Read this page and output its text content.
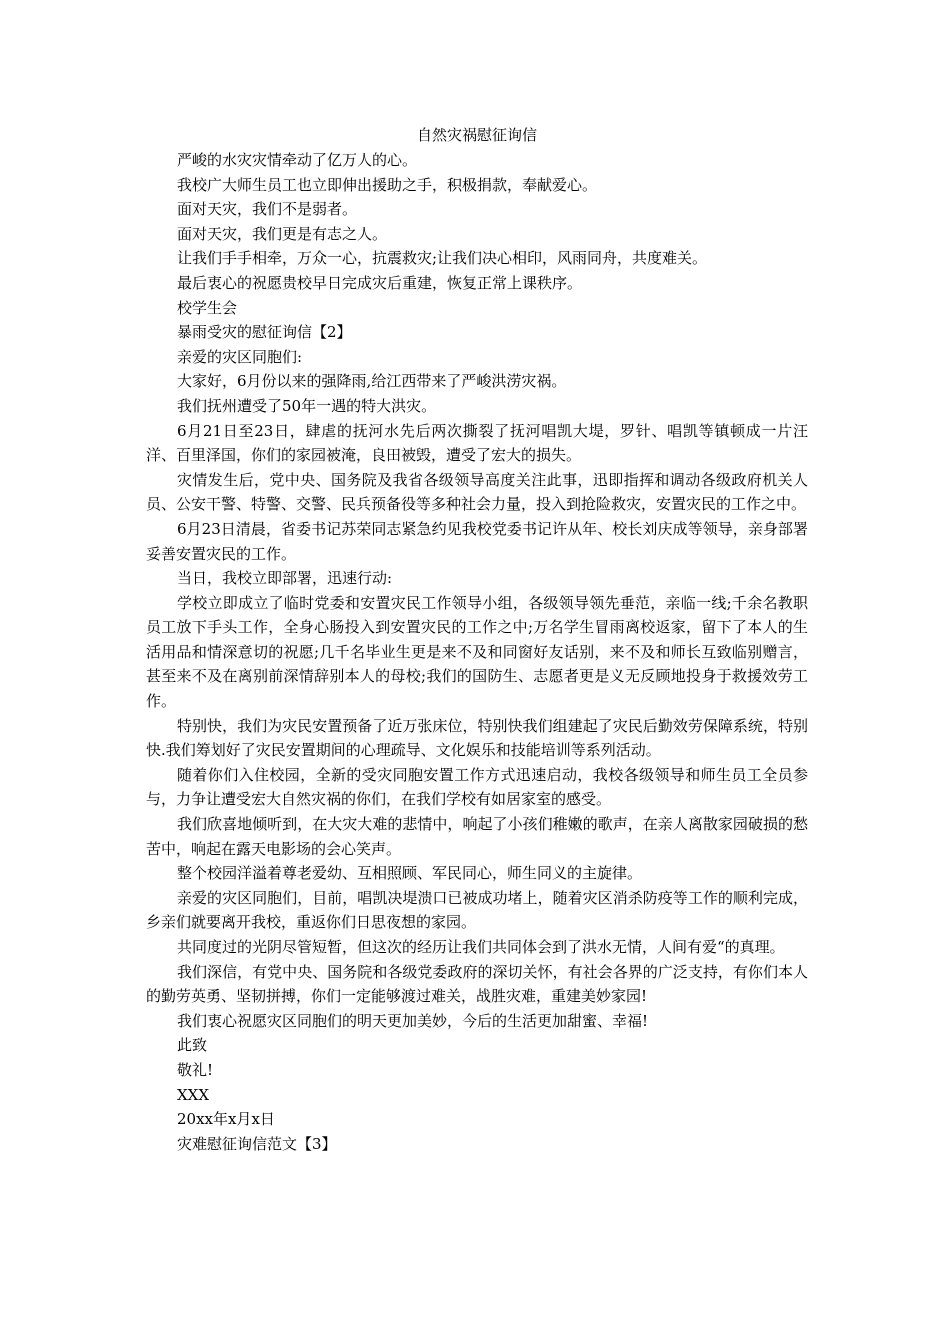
自然灾祸慰征询信

严峻的水灾灾情牵动了亿万人的心。

我校广大师生员工也立即伸出援助之手，积极捐款，奉献爱心。

面对天灾，我们不是弱者。

面对天灾，我们更是有志之人。

让我们手手相牵，万众一心，抗震救灾;让我们决心相印，风雨同舟，共度难关。

最后衷心的祝愿贵校早日完成灾后重建，恢复正常上课秩序。

校学生会

暴雨受灾的慰征询信【2】

亲爱的灾区同胞们:

大家好，6月份以来的强降雨,给江西带来了严峻洪涝灾祸。

我们抚州遭受了50年一遇的特大洪灾。

6月21日至23日，肆虐的抚河水先后两次撕裂了抚河唱凯大堤，罗针、唱凯等镇顿成一片汪洋、百里泽国，你们的家园被淹，良田被毁，遭受了宏大的损失。

灾情发生后，党中央、国务院及我省各级领导高度关注此事，迅即指挥和调动各级政府机关人员、公安干警、特警、交警、民兵预备役等多种社会力量，投入到抢险救灾，安置灾民的工作之中。

6月23日清晨，省委书记苏荣同志紧急约见我校党委书记许从年、校长刘庆成等领导，亲身部署妥善安置灾民的工作。

当日，我校立即部署，迅速行动:

学校立即成立了临时党委和安置灾民工作领导小组，各级领导领先垂范，亲临一线;千余名教职员工放下手头工作，全身心肠投入到安置灾民的工作之中;万名学生冒雨离校返家，留下了本人的生活用品和情深意切的祝愿;几千名毕业生更是来不及和同窗好友话别，来不及和师长互致临别赠言，甚至来不及在离别前深情辞别本人的母校;我们的国防生、志愿者更是义无反顾地投身于救援效劳工作。

特别快，我们为灾民安置预备了近万张床位，特别快我们组建起了灾民后勤效劳保障系统，特别快.我们筹划好了灾民安置期间的心理疏导、文化娱乐和技能培训等系列活动。

随着你们入住校园，全新的受灾同胞安置工作方式迅速启动，我校各级领导和师生员工全员参与，力争让遭受宏大自然灾祸的你们，在我们学校有如居家室的感受。

我们欣喜地倾听到，在大灾大难的悲情中，响起了小孩们稚嫩的歌声，在亲人离散家园破损的愁苦中，响起在露天电影场的会心笑声。

整个校园洋溢着尊老爱幼、互相照顾、军民同心，师生同义的主旋律。

亲爱的灾区同胞们，目前，唱凯决堤溃口已被成功堵上，随着灾区消杀防疫等工作的顺利完成，乡亲们就要离开我校，重返你们日思夜想的家园。

共同度过的光阴尽管短暂，但这次的经历让我们共同体会到了洪水无情，人间有爱“的真理。

我们深信，有党中央、国务院和各级党委政府的深切关怀，有社会各界的广泛支持，有你们本人的勤劳英勇、坚韧拼搏，你们一定能够渡过难关，战胜灾难，重建美妙家园!

我们衷心祝愿灾区同胞们的明天更加美妙，今后的生活更加甜蜜、幸福!

此致

敬礼!

XXX

20xx年x月x日

灾难慰征询信范文【3】
